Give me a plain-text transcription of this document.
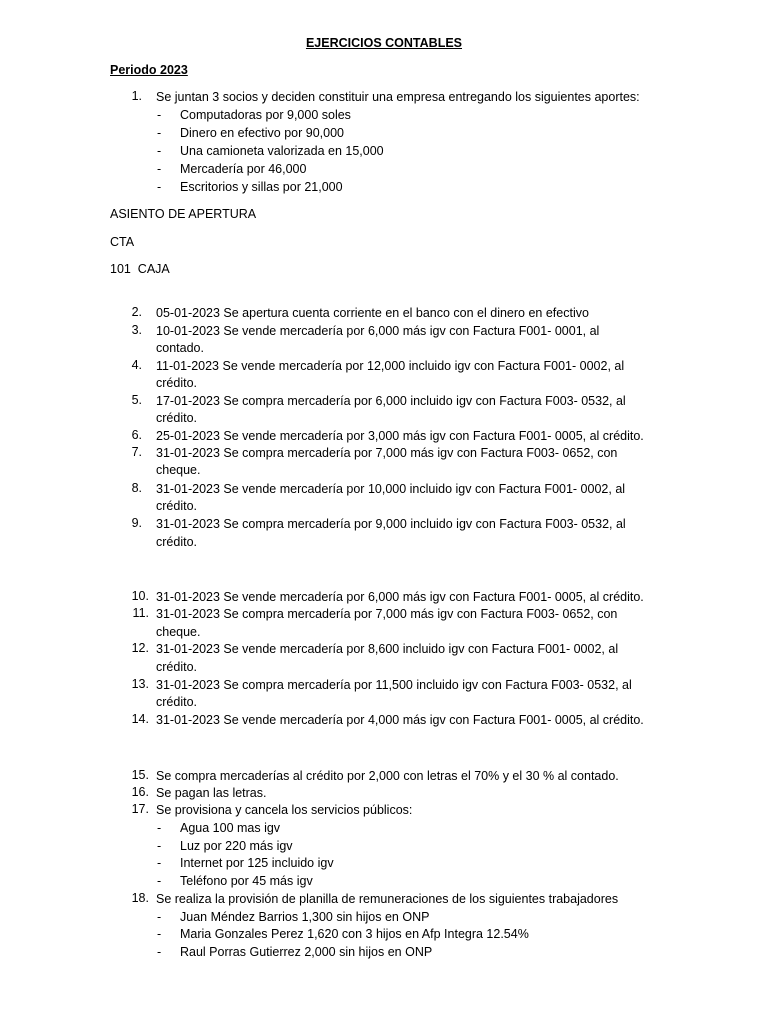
EJERCICIOS CONTABLES
Periodo 2023
1. Se juntan 3 socios y deciden constituir una empresa entregando los siguientes aportes:
-	Computadoras por 9,000 soles
-	Dinero en efectivo por 90,000
-	Una camioneta valorizada en 15,000
-	Mercadería por 46,000
-	Escritorios y sillas por 21,000
ASIENTO DE APERTURA
CTA
101  CAJA
2. 05-01-2023 Se apertura cuenta corriente en el banco con el dinero en efectivo
3. 10-01-2023 Se vende mercadería por 6,000 más igv con Factura F001- 0001, al
contado.
4. 11-01-2023 Se vende mercadería por 12,000 incluido igv con Factura F001- 0002, al
crédito.
5. 17-01-2023 Se compra mercadería por 6,000 incluido igv con Factura F003- 0532, al
crédito.
6. 25-01-2023 Se vende mercadería por 3,000 más igv con Factura F001- 0005, al crédito.
7. 31-01-2023 Se compra mercadería por 7,000 más igv con Factura F003- 0652, con
cheque.
8. 31-01-2023 Se vende mercadería por 10,000 incluido igv con Factura F001- 0002, al
crédito.
9. 31-01-2023 Se compra mercadería por 9,000 incluido igv con Factura F003- 0532, al
crédito.
10. 31-01-2023 Se vende mercadería por 6,000 más igv con Factura F001- 0005, al crédito.
11. 31-01-2023 Se compra mercadería por 7,000 más igv con Factura F003- 0652, con
cheque.
12. 31-01-2023 Se vende mercadería por 8,600 incluido igv con Factura F001- 0002, al
crédito.
13. 31-01-2023 Se compra mercadería por 11,500 incluido igv con Factura F003- 0532, al
crédito.
14. 31-01-2023 Se vende mercadería por 4,000 más igv con Factura F001- 0005, al crédito.
15. Se compra mercaderías al crédito por 2,000 con letras el 70% y el 30 % al contado.
16. Se pagan las letras.
17. Se provisiona y cancela los servicios públicos:
-	Agua 100 mas igv
-	Luz por 220 más igv
-	Internet por 125 incluido igv
-	Teléfono por 45 más igv
18. Se realiza la provisión de planilla de remuneraciones de los siguientes trabajadores
-	Juan Méndez Barrios 1,300 sin hijos en ONP
-	Maria Gonzales Perez 1,620 con 3 hijos en Afp Integra 12.54%
-	Raul Porras Gutierrez 2,000 sin hijos en ONP
